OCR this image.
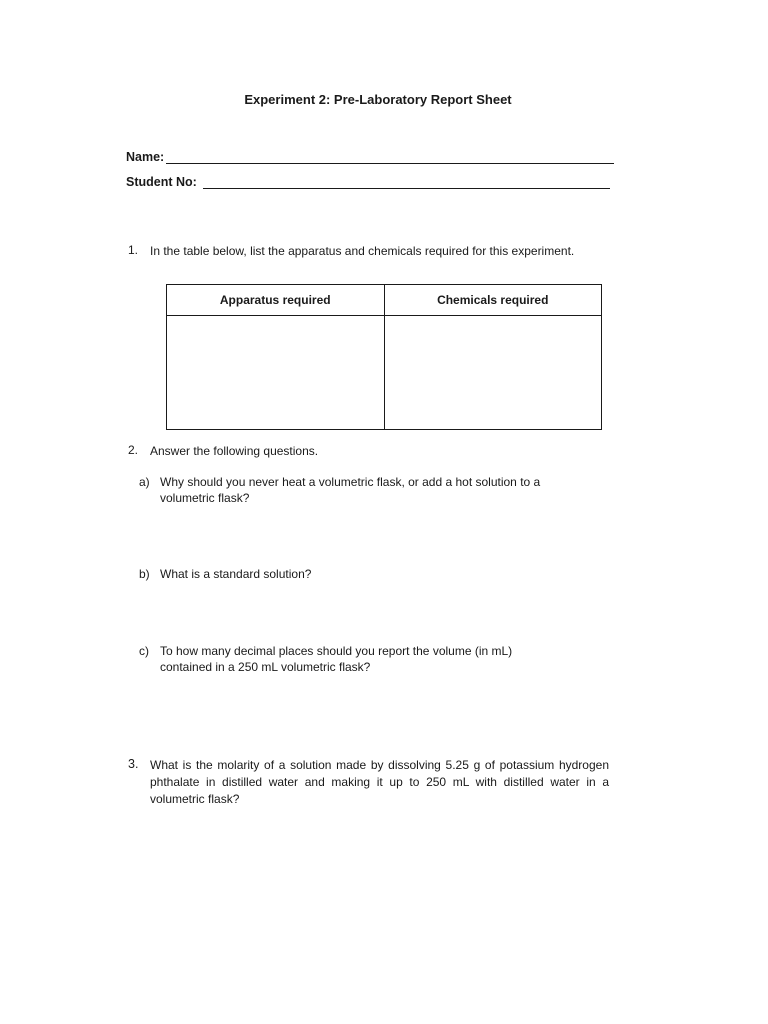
Experiment 2: Pre-Laboratory Report Sheet
Name:
Student No:
1. In the table below, list the apparatus and chemicals required for this experiment.
Apparatus required	Chemicals required

2. Answer the following questions.
a) Why should you never heat a volumetric flask, or add a hot solution to a
volumetric flask?
b) What is a standard solution?
c) To how many decimal places should you report the volume (in mL)
contained in a 250 mL volumetric flask?
3. What is the molarity of a solution made by dissolving 5.25 g of potassium hydrogen phthalate in distilled water and making it up to 250 mL with distilled water in a volumetric flask?
